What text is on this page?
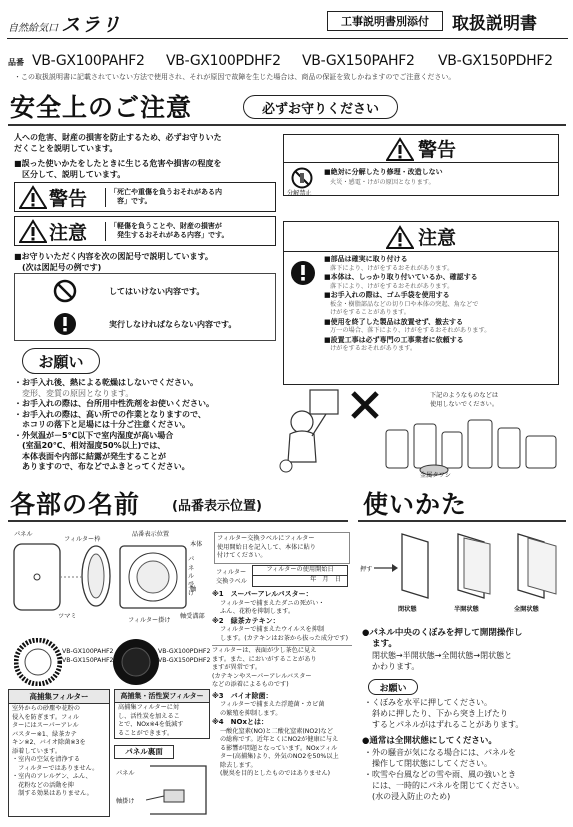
自然給気口 スラリ	工事説明書別添付	取扱説明書
品番 VB-GX100PAHF2 VB-GX100PDHF2 VB-GX150PAHF2 VB-GX150PDHF2
・この取扱説明書に記載されていない方法で使用され、それが原因で故障を生じた場合は、商品の保証を致しかねますのでご注意ください。
安全上のご注意	必ずお守りください
人への危害、財産の損害を防止するため、必ずお守りいた
だくことを説明しています。
■誤った使いかたをしたときに生じる危害や損害の程度を
　区分して、説明しています。
警告	「死亡や重傷を負うおそれがある内
　容」です。
注意	「軽傷を負うことや、財産の損害が
　発生するおそれがある内容」です。
■お守りいただく内容を次の図記号で説明しています。
　(次は図記号の例です)
してはいけない内容です。
実行しなければならない内容です。
警告
分解禁止
■絶対に分解したり修理・改造しない
火災・感電・けがの原因となります。
注意
■部品は確実に取り付ける
落下により、けがをするおそれがあります。
■本体は、しっかり取り付いているか、確認する
落下により、けがをするおそれがあります。
■お手入れの際は、ゴム手袋を使用する
板金・樹脂部品などの切り口や本体の突起、角などで
けがをすることがあります。
■使用を終了した製品は放置せず、撤去する
万一の場合、落下により、けがをするおそれがあります。
■設置工事は必ず専門の工事業者に依頼する
けがをするおそれがあります。
お願い
・お手入れ後、熱による乾燥はしないでください。
　変形、変質の原因となります。
・お手入れの際は、台所用中性洗剤をお使いください。
・お手入れの際は、高い所での作業となりますので、
　ホコリの落下と足場には十分ご注意ください。
・外気温が－5℃以下で室内湿度が高い場合
　(室温20℃、相対湿度50%以上)では、
　本体表面や内部に結露が発生することが
　ありますので、布などでふきとってください。
下記のようなものなどは
使用しないでください。
金属タワシ
各部の名前 (品番表示位置)
パネル
フィルター枠
品番表示位置
本体
パネル受け
軸
ツマミ
フィルター掛け
軸受溝部
VB-GX100PAHF2
VB-GX150PAHF2
VB-GX100PDHF2
VB-GX150PDHF2
高捕集フィルター
室外からの砂塵や花粉の
侵入を防ぎます。フィル
ターにはスーパーアレル
バスター※1、緑茶カテ
キン※2、バイオ除菌※3を
添着しています。
・室内の空気を清浄する
　フィルターではありません。
・室内のアレルゲン、ふん、
　花粉などの活動を抑
　制する効果はありません。
高捕集・活性炭フィルター
高捕集フィルターに対
し、活性炭を加えるこ
とで、NOx※4を低減す
ることができます。
パネル裏面
パネル
軸掛け
フィルター交換ラベルにフィルター
使用開始日を記入して、本体に貼り
付けてください。
フィルター交換ラベル
フィルターの使用開始日
年　月　日
※1　スーパーアレルバスター：
フィルターで捕まえたダニの死がい・
ふん、花粉を抑制します。
※2　緑茶カテキン：
フィルターで捕まえたウイルスを抑制
します。(カテキンはお茶から抜った成分です)
フィルターは、表面が少し茶色に見え
ます。また、においがすることがあり
ますが異常です。
(カテキンやスーパーアレルバスター
などの添着によるものです)
※3　バイオ除菌：
フィルターで捕まえた浮遊菌・カビ菌
の繁殖を抑制します。
※4　NOxとは：
一酸化窒素(NO)と二酸化窒素(NO2)など
の総称です。近年とくにNO2が健康に与え
る影響が問題となっています。NOxフィル
ター(高捕集)より、外気のNO2を50%以上
除去します。
(脱臭を目的としたものではありません)
使いかた
押す
閉状態	半開状態	全開状態
●パネル中央のくぼみを押して開閉操作し
ます。
閉状態→半開状態→全開状態→閉状態と
かわります。
お願い
・くぼみを水平に押してください。
　斜めに押したり、下から突き上げたり
　するとパネルがはずれることがあります。
●通常は全開状態にしてください。
・外の騒音が気になる場合には、パネルを
　操作して閉状態にしてください。
・吹雪や台風などの雪や雨、風の強いとき
　には、一時的にパネルを閉じてください。
　(水の浸入防止のため)
